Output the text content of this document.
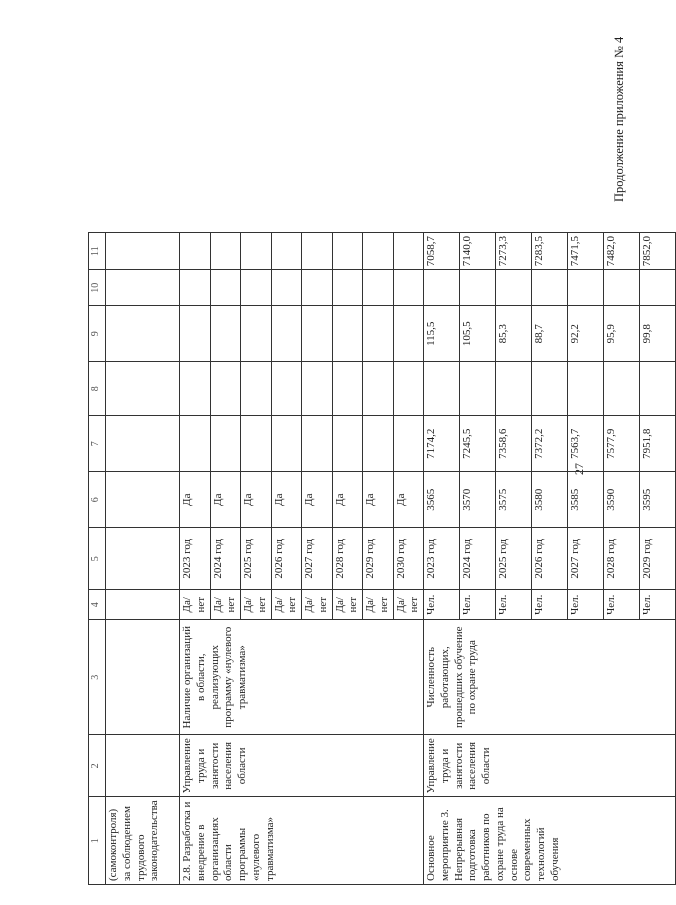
27
Продолжение приложения № 4
1	2	3	4	5	6	7	8	9	10	11
(самоконтроля) за соблюдением трудового законодательства										
2.8. Разработка и внедрение в организациях области программы «нулевого травматизма»	Управление труда и занятости населения области	Наличие организаций в области, реализующих программу «нулевого травматизма»	Да/ нет	2023 год	Да					
			Да/ нет	2024 год	Да					
			Да/ нет	2025 год	Да					
			Да/ нет	2026 год	Да					
			Да/ нет	2027 год	Да					
			Да/ нет	2028 год	Да					
			Да/ нет	2029 год	Да					
			Да/ нет	2030 год	Да					
Основное мероприятие 3. Непрерывная подготовка работников по охране труда на основе современных технологий обучения	Управление труда и занятости населения области	Численность работающих, прошедших обучение по охране труда	Чел.	2023 год	3565	7174,2		115,5		7058,7
			Чел.	2024 год	3570	7245,5		105,5		7140,0
			Чел.	2025 год	3575	7358,6		85,3		7273,3
			Чел.	2026 год	3580	7372,2		88,7		7283,5
			Чел.	2027 год	3585	7563,7		92,2		7471,5
			Чел.	2028 год	3590	7577,9		95,9		7482,0
			Чел.	2029 год	3595	7951,8		99,8		7852,0
